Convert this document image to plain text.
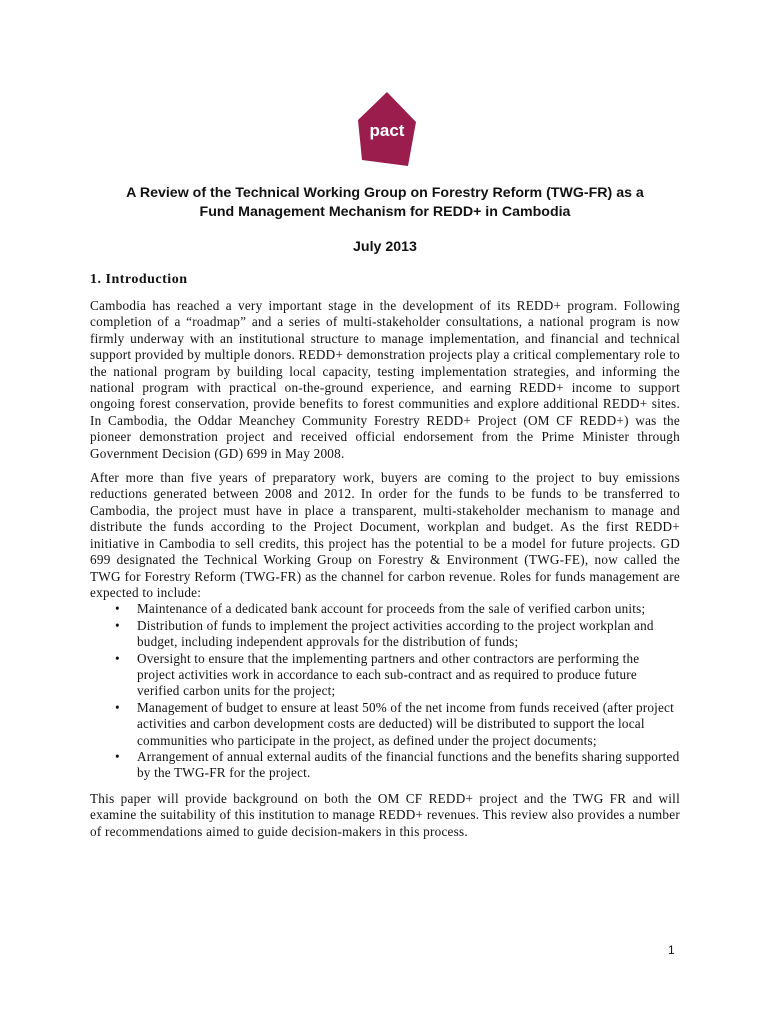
pact
A Review of the Technical Working Group on Forestry Reform (TWG-FR) as a
Fund Management Mechanism for REDD+ in Cambodia
July 2013
1. Introduction

Cambodia has reached a very important stage in the development of its REDD+ program. Following completion of a “roadmap” and a series of multi-stakeholder consultations, a national program is now firmly underway with an institutional structure to manage implementation, and financial and technical support provided by multiple donors. REDD+ demonstration projects play a critical complementary role to the national program by building local capacity, testing implementation strategies, and informing the national program with practical on-the-ground experience, and earning REDD+ income to support ongoing forest conservation, provide benefits to forest communities and explore additional REDD+ sites. In Cambodia, the Oddar Meanchey Community Forestry REDD+ Project (OM CF REDD+) was the pioneer demonstration project and received official endorsement from the Prime Minister through Government Decision (GD) 699 in May 2008.

After more than five years of preparatory work, buyers are coming to the project to buy emissions reductions generated between 2008 and 2012. In order for the funds to be funds to be transferred to Cambodia, the project must have in place a transparent, multi-stakeholder mechanism to manage and distribute the funds according to the Project Document, workplan and budget. As the first REDD+ initiative in Cambodia to sell credits, this project has the potential to be a model for future projects. GD 699 designated the Technical Working Group on Forestry & Environment (TWG-FE), now called the TWG for Forestry Reform (TWG-FR) as the channel for carbon revenue. Roles for funds management are expected to include:

• Maintenance of a dedicated bank account for proceeds from the sale of verified carbon units;
• Distribution of funds to implement the project activities according to the project workplan and budget, including independent approvals for the distribution of funds;
• Oversight to ensure that the implementing partners and other contractors are performing the project activities work in accordance to each sub-contract and as required to produce future verified carbon units for the project;
• Management of budget to ensure at least 50% of the net income from funds received (after project activities and carbon development costs are deducted) will be distributed to support the local communities who participate in the project, as defined under the project documents;
• Arrangement of annual external audits of the financial functions and the benefits sharing supported by the TWG-FR for the project.

This paper will provide background on both the OM CF REDD+ project and the TWG FR and will examine the suitability of this institution to manage REDD+ revenues. This review also provides a number of recommendations aimed to guide decision-makers in this process.

1
